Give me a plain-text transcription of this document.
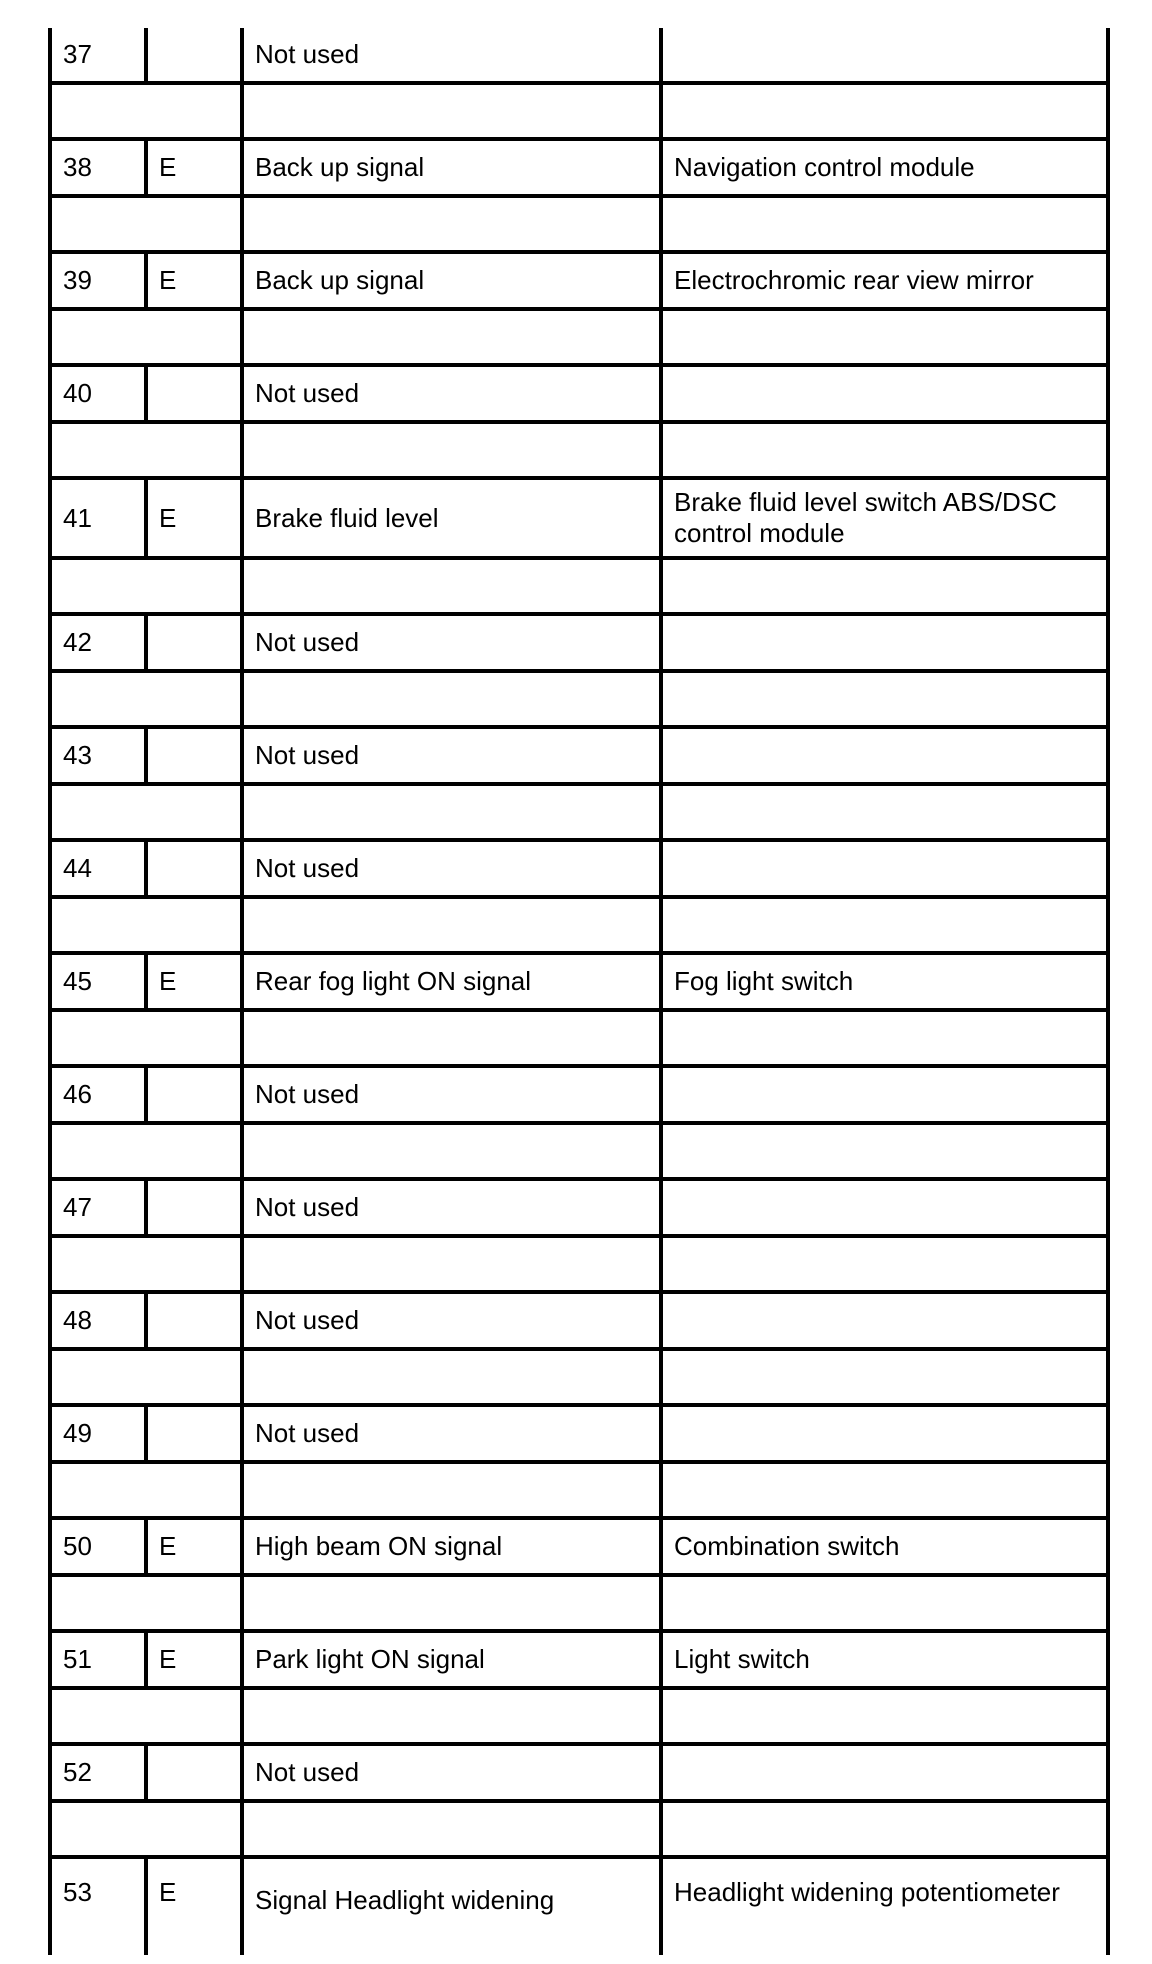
37		Not used	

38	E	Back up signal	Navigation control module

39	E	Back up signal	Electrochromic rear view mirror

40		Not used	

41	E	Brake fluid level	Brake fluid level switch ABS/DSC control module

42		Not used	

43		Not used	

44		Not used	

45	E	Rear fog light ON signal	Fog light switch

46		Not used	

47		Not used	

48		Not used	

49		Not used	

50	E	High beam ON signal	Combination switch

51	E	Park light ON signal	Light switch

52		Not used	

53	E	Signal Headlight widening	Headlight widening potentiometer
